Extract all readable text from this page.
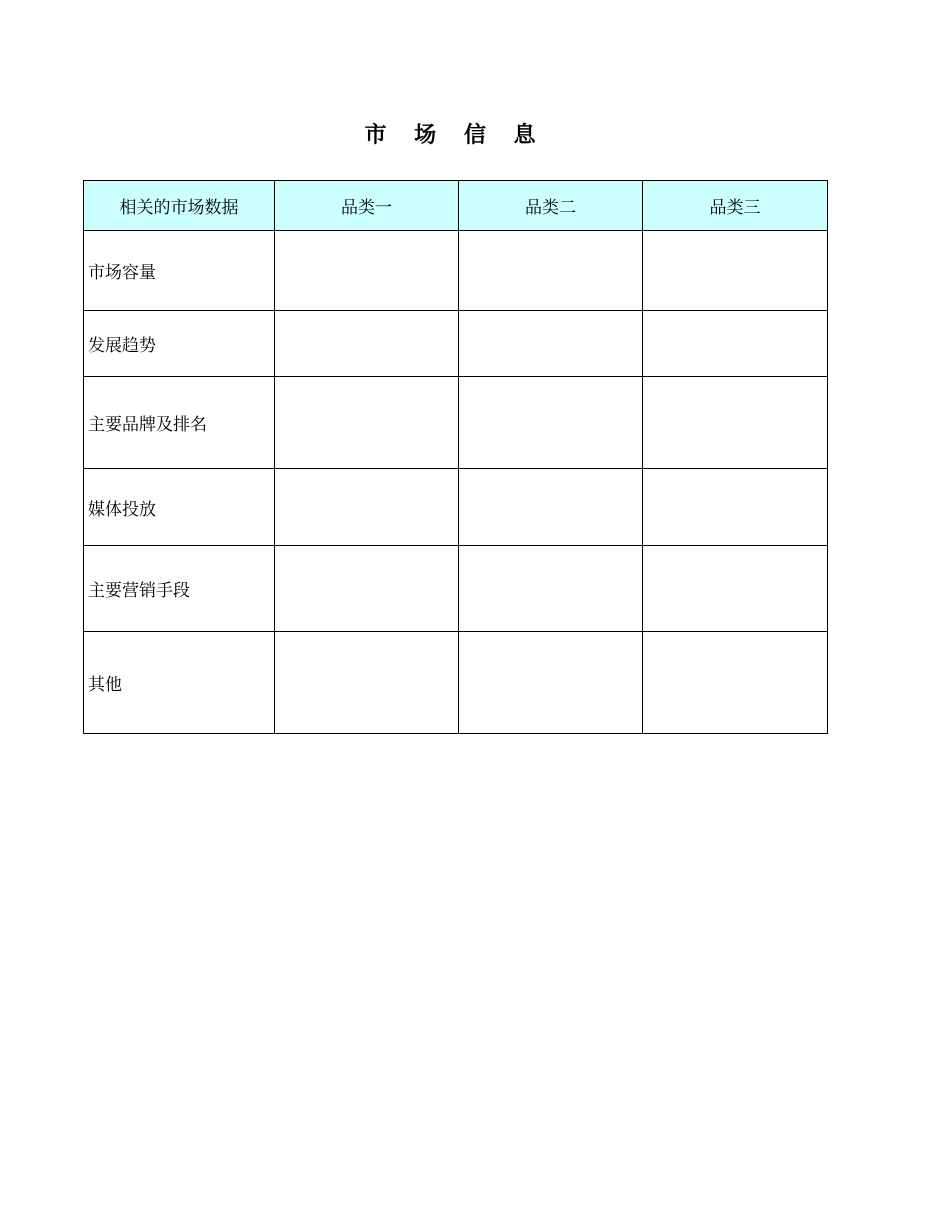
市 场 信 息
相关的市场数据	品类一	品类二	品类三
市场容量			
发展趋势			
主要品牌及排名			
媒体投放			
主要营销手段			
其他			
